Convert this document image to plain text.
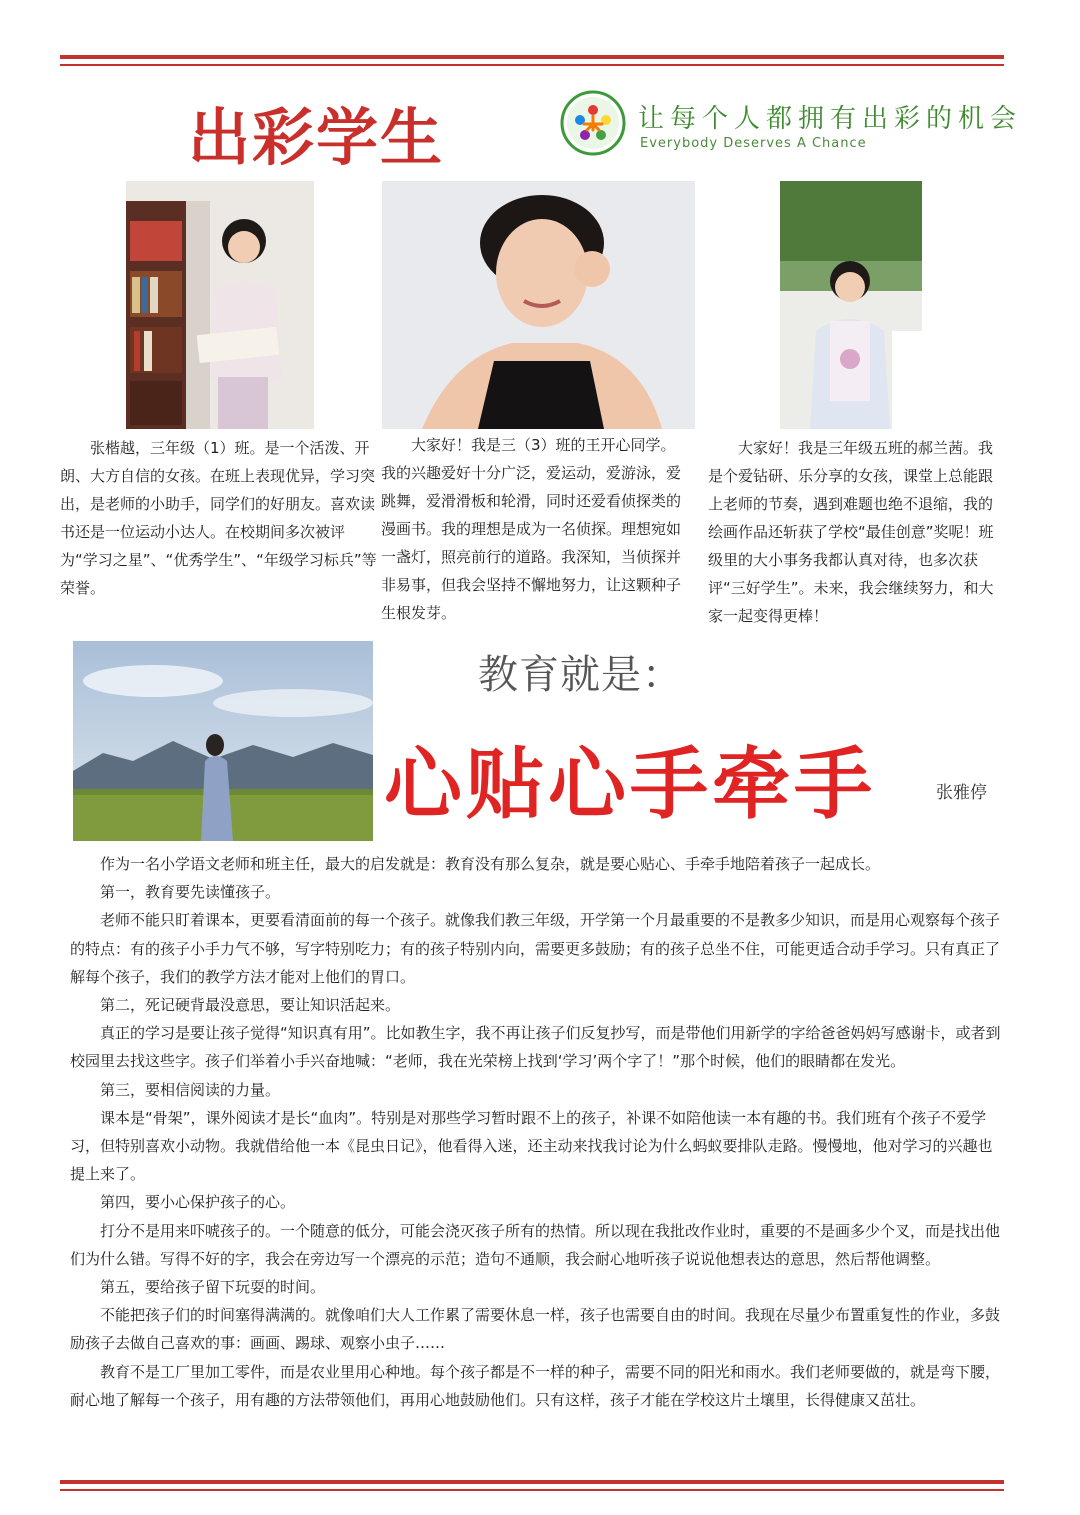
出彩学生	让每个人都拥有出彩的机会
Everybody Deserves A Chance

张楷越，三年级（1）班。是一个活泼、开朗、大方自信的女孩。在班上表现优异，学习突出，是老师的小助手，同学们的好朋友。喜欢读书还是一位运动小达人。在校期间多次被评为“学习之星”、“优秀学生”、“年级学习标兵”等荣誉。

大家好！我是三（3）班的王开心同学。我的兴趣爱好十分广泛，爱运动，爱游泳，爱跳舞，爱滑滑板和轮滑，同时还爱看侦探类的漫画书。我的理想是成为一名侦探。理想宛如一盏灯，照亮前行的道路。我深知，当侦探并非易事，但我会坚持不懈地努力，让这颗种子生根发芽。

大家好！我是三年级五班的郝兰茜。我是个爱钻研、乐分享的女孩，课堂上总能跟上老师的节奏，遇到难题也绝不退缩，我的绘画作品还斩获了学校“最佳创意”奖呢！班级里的大小事务我都认真对待，也多次获评“三好学生”。未来，我会继续努力，和大家一起变得更棒！

教育就是：
心贴心手牵手	张雅停

作为一名小学语文老师和班主任，最大的启发就是：教育没有那么复杂，就是要心贴心、手牵手地陪着孩子一起成长。

第一，教育要先读懂孩子。

老师不能只盯着课本，更要看清面前的每一个孩子。就像我们教三年级，开学第一个月最重要的不是教多少知识，而是用心观察每个孩子的特点：有的孩子小手力气不够，写字特别吃力；有的孩子特别内向，需要更多鼓励；有的孩子总坐不住，可能更适合动手学习。只有真正了解每个孩子，我们的教学方法才能对上他们的胃口。

第二，死记硬背最没意思，要让知识活起来。

真正的学习是要让孩子觉得“知识真有用”。比如教生字，我不再让孩子们反复抄写，而是带他们用新学的字给爸爸妈妈写感谢卡，或者到校园里去找这些字。孩子们举着小手兴奋地喊：“老师，我在光荣榜上找到‘学习’两个字了！”那个时候，他们的眼睛都在发光。

第三，要相信阅读的力量。

课本是“骨架”，课外阅读才是长“血肉”。特别是对那些学习暂时跟不上的孩子，补课不如陪他读一本有趣的书。我们班有个孩子不爱学习，但特别喜欢小动物。我就借给他一本《昆虫日记》，他看得入迷，还主动来找我讨论为什么蚂蚁要排队走路。慢慢地，他对学习的兴趣也提上来了。

第四，要小心保护孩子的心。

打分不是用来吓唬孩子的。一个随意的低分，可能会浇灭孩子所有的热情。所以现在我批改作业时，重要的不是画多少个叉，而是找出他们为什么错。写得不好的字，我会在旁边写一个漂亮的示范；造句不通顺，我会耐心地听孩子说说他想表达的意思，然后帮他调整。

第五，要给孩子留下玩耍的时间。

不能把孩子们的时间塞得满满的。就像咱们大人工作累了需要休息一样，孩子也需要自由的时间。我现在尽量少布置重复性的作业，多鼓励孩子去做自己喜欢的事：画画、踢球、观察小虫子……

教育不是工厂里加工零件，而是农业里用心种地。每个孩子都是不一样的种子，需要不同的阳光和雨水。我们老师要做的，就是弯下腰，耐心地了解每一个孩子，用有趣的方法带领他们，再用心地鼓励他们。只有这样，孩子才能在学校这片土壤里，长得健康又茁壮。
